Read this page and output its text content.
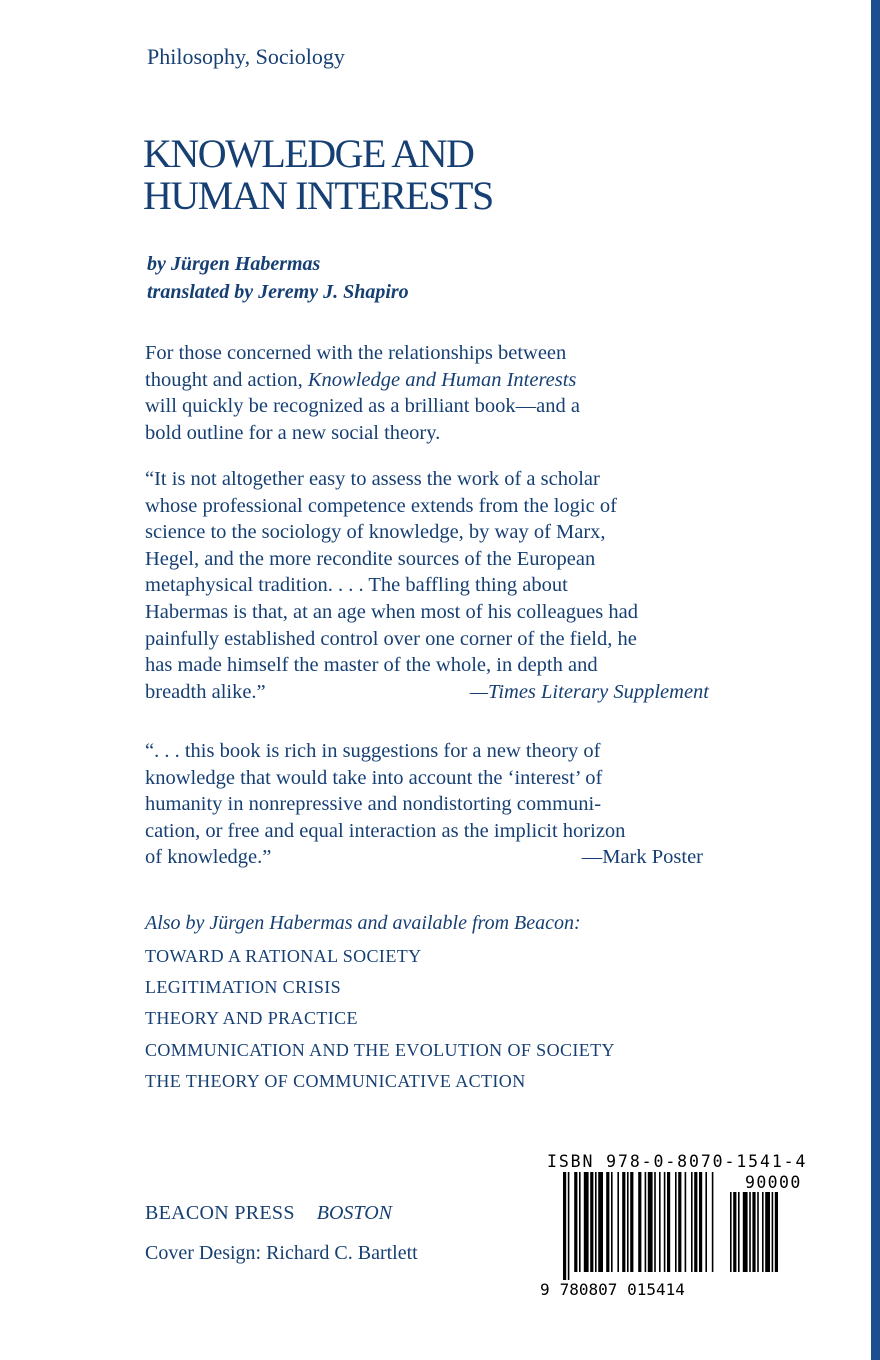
Philosophy, Sociology
KNOWLEDGE AND
HUMAN INTERESTS
by Jürgen Habermas
translated by Jeremy J. Shapiro

For those concerned with the relationships between
thought and action, Knowledge and Human Interests
will quickly be recognized as a brilliant book—and a
bold outline for a new social theory.

“It is not altogether easy to assess the work of a scholar
whose professional competence extends from the logic of
science to the sociology of knowledge, by way of Marx,
Hegel, and the more recondite sources of the European
metaphysical tradition. . . . The baffling thing about
Habermas is that, at an age when most of his colleagues had
painfully established control over one corner of the field, he
has made himself the master of the whole, in depth and
breadth alike.”	—Times Literary Supplement

“. . . this book is rich in suggestions for a new theory of
knowledge that would take into account the ‘interest’ of
humanity in nonrepressive and nondistorting communi-
cation, or free and equal interaction as the implicit horizon
of knowledge.”	—Mark Poster

Also by Jürgen Habermas and available from Beacon:
TOWARD A RATIONAL SOCIETY
LEGITIMATION CRISIS
THEORY AND PRACTICE
COMMUNICATION AND THE EVOLUTION OF SOCIETY
THE THEORY OF COMMUNICATIVE ACTION
BEACON PRESS BOSTON
Cover Design: Richard C. Bartlett
ISBN 978-0-8070-1541-4
90000
9 780807 015414
